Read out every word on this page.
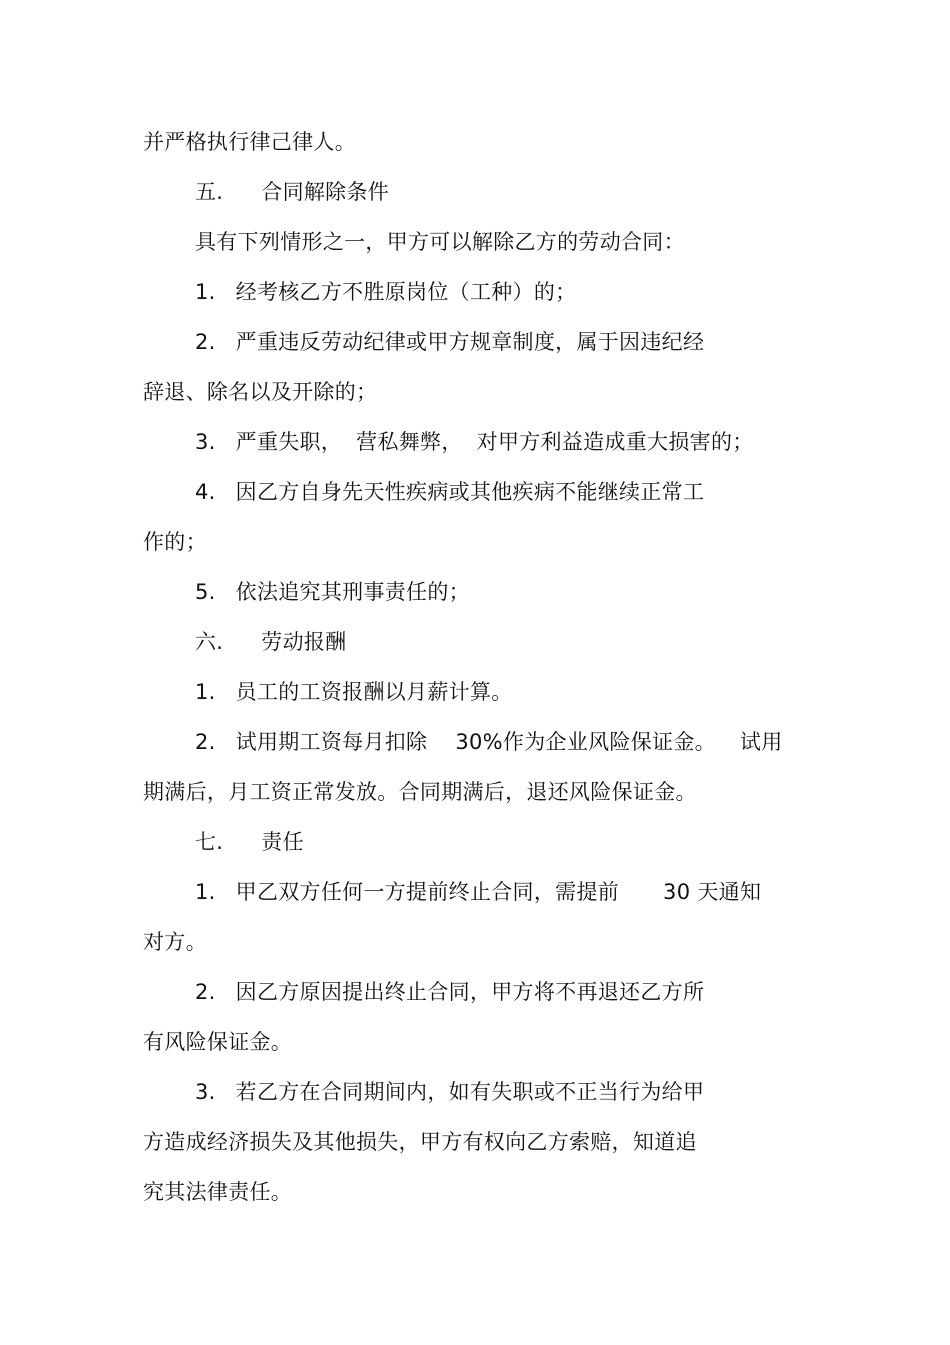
并严格执行律己律人。
五. 合同解除条件
具有下列情形之一，甲方可以解除乙方的劳动合同：
1. 经考核乙方不胜原岗位（工种）的；
2. 严重违反劳动纪律或甲方规章制度，属于因违纪经
辞退、除名以及开除的；
3. 严重失职， 营私舞弊， 对甲方利益造成重大损害的；
4. 因乙方自身先天性疾病或其他疾病不能继续正常工
作的；
5. 依法追究其刑事责任的；
六. 劳动报酬
1. 员工的工资报酬以月薪计算。
2. 试用期工资每月扣除 30%作为企业风险保证金。 试用
期满后，月工资正常发放。合同期满后，退还风险保证金。
七. 责任
1. 甲乙双方任何一方提前终止合同，需提前 30 天通知
对方。
2. 因乙方原因提出终止合同，甲方将不再退还乙方所
有风险保证金。
3. 若乙方在合同期间内，如有失职或不正当行为给甲
方造成经济损失及其他损失，甲方有权向乙方索赔，知道追
究其法律责任。
